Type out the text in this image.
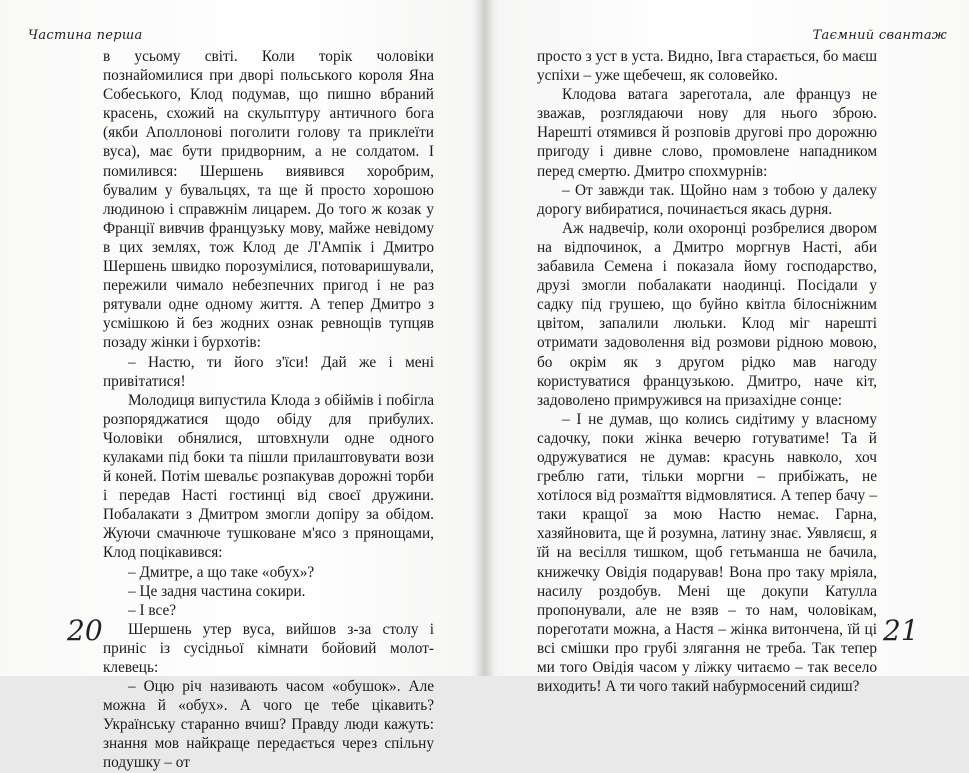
Частина перша

в усьому світі. Коли торік чоловіки познайомилися при дворі польського короля Яна Собеського, Клод подумав, що пишно вбраний красень, схожий на скульптуру античного бога (якби Аполлонові поголити голову та приклеїти вуса), має бути придворним, а не солдатом. І помилився: Шершень виявився хоробрим, бувалим у бувальцях, та ще й просто хорошою людиною і справжнім лицарем. До того ж козак у Франції вивчив французьку мову, майже невідому в цих землях, тож Клод де Л'Ампік і Дмитро Шершень швидко порозумілися, потоваришували, пережили чимало небезпечних пригод і не раз рятували одне одному життя. А тепер Дмитро з усмішкою й без жодних ознак ревнощів тупцяв позаду жінки і бурхотів:

– Настю, ти його з'їси! Дай же і мені привітатися!

Молодиця випустила Клода з обіймів і побігла розпоряджатися щодо обіду для прибулих. Чоловіки обнялися, штовхнули одне одного кулаками під боки та пішли прилаштовувати вози й коней. Потім шевальє розпакував дорожні торби і передав Насті гостинці від своєї дружини. Побалакати з Дмитром змогли допіру за обідом. Жуючи смачнюче тушковане м'ясо з прянощами, Клод поцікавився:

– Дмитре, а що таке «обух»?

– Це задня частина сокири.

– І все?

Шершень утер вуса, вийшов з-за столу і приніс із сусідньої кімнати бойовий молот-клевець:

– Оцю річ називають часом «обушок». Але можна й «обух». А чого це тебе цікавить? Українську старанно вчиш? Правду люди кажуть: знання мов найкраще передається через спільну подушку – от

20
Таємний свантаж

просто з уст в уста. Видно, Івга старається, бо маєш успіхи – уже щебечеш, як соловейко.

Клодова ватага зареготала, але француз не зважав, розглядаючи нову для нього зброю. Нарешті отямився й розповів другові про дорожню пригоду і дивне слово, промовлене нападником перед смертю. Дмитро спохмурнів:

– От завжди так. Щойно нам з тобою у далеку дорогу вибиратися, починається якась дурня.

Аж надвечір, коли охоронці розбрелися двором на відпочинок, а Дмитро моргнув Насті, аби забавила Семена і показала йому господарство, друзі змогли побалакати наодинці. Посідали у садку під грушею, що буйно квітла білосніжним цвітом, запалили люльки. Клод міг нарешті отримати задоволення від розмови рідною мовою, бо окрім як з другом рідко мав нагоду користуватися французькою. Дмитро, наче кіт, задоволено примружився на призахідне сонце:

– І не думав, що колись сидітиму у власному садочку, поки жінка вечерю готуватиме! Та й одружуватися не думав: красунь навколо, хоч греблю гати, тільки моргни – прибіжать, не хотілося від розмаїття відмовлятися. А тепер бачу – таки кращої за мою Настю немає. Гарна, хазяйновита, ще й розумна, латину знає. Уявляєш, я їй на весілля тишком, щоб гетьманша не бачила, книжечку Овідія подарував! Вона про таку мріяла, насилу роздобув. Мені ще докупи Катулла пропонували, але не взяв – то нам, чоловікам, пореготати можна, а Настя – жінка витончена, їй ці всі смішки про грубі злягання не треба. Так тепер ми того Овідія часом у ліжку читаємо – так весело виходить! А ти чого такий набурмосений сидиш?

21
